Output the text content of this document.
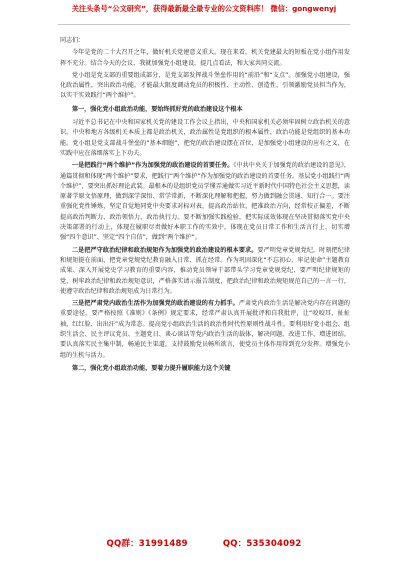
关注头条号“公文研究”，获得最新最全最专业的公文资料库！ 微信：gongwenyj

同志们：

今年是党的二十大召开之年，做好机关党建意义重大。现在来看，机关党建最大的短板在党小组作用发挥不充分。结合今天的会议，我就加强党小组建设，提几点看法，和大家共同交流。

党小组是党支部的重要组成部分，是党支部发挥战斗堡垒作用的“前沿”和“支点”。加强党小组建设，强化政治属性，突出政治功能，才能最大限度调动党员的积极性、主动性、创造性，引领激励党员担当作为，以实干实效践行“两个维护”。

第一，强化党小组政治功能，要始终抓好党的政治建设这个根本

习近平总书记在中央和国家机关党的建设工作会议上指出，中央和国家机关必须牢固树立政治机关的意识。中央和地方各级机关本质上都是政治机关，政治属性是党组织的根本属性，政治功能是党组织的基本功能。党小组是党支部战斗堡垒的“基本细胞”，把党的政治建设摆在首位，是加强党小组建设的应有之义，在实践中应在落细落实上下功夫。

一是把践行“两个维护”作为加强党的政治建设的首要任务。《中共中央关于加强党的政治建设的意见》，通篇贯彻和体现“两个维护”要求，把践行“两个维护”作为加强党的政治建设的首要任务。基层党小组践行“两个维护”，要突出抓好理论武装。最根本的是组织党员学懂弄通做实习近平新时代中国特色社会主义思想，读原著学原文悟原理，做到深学深悟、常学常新，不断深化理解和把握，努力做到融会贯通、知行合一。要注重强化党性锤炼，坚定自觉地同党中央要求对标对表，提高政治站位，把准政治方向，经常校正偏差，不断提高政治判断力、政治领悟力、政治执行力。要不断加强实践检验，把实际成效体现在坚决贯彻落实党中央决策部署的行动上，体现在履职尽责做好本职工作的实效中，体现在党员日常工作和生活言行上，切实增强“四个意识”、坚定“四个自信”，做到“两个维护”。

二是把严守政治纪律和政治规矩作为加强党的政治建设的根本要求。要严明党章党规党纪，时刻把纪律和规矩挺在前面，把党章党规党纪教育融入日常、抓在经常。作为巩固深化“不忘初心、牢记使命”主题教育成果、深入开展党史学习教育的重要内容，推动党员领导干部带头学习党章党规党纪、要严明纪律规矩的党，树牢政治纪律和政治规矩意识，严格落实请示报告制度，把政治纪律和政治规矩规范自己的一言一行，使遵守政治纪律和政治规矩成为日常行为。

三是把严肃党内政治生活作为加强党的政治建设的有力抓手。严肃党内政治生活是解决党内存在问题的重要途径。要严格按照《准则》《条例》规定要求，经常严肃认真开展批评和自我批评，让“咬咬耳、扯扯袖，红红脸、出出汗”成为常态。提高党小组政治生活的政治性时代性原则性战斗性。要利用好党小组会、组织生活会、民主评议党员、主题党日、谈心谈话等党内政治生活的载体，解决问题、改进工作、增进团结。要认真落实民主集中制，畅通民主渠道，支持鼓励党员畅所欲言，使党员主体作用得到充分发挥。增强党小组的生机与活力。

第二，强化党小组政治功能，要着力提升履职能力这个关键

QQ群：31991489	QQ：535304092
